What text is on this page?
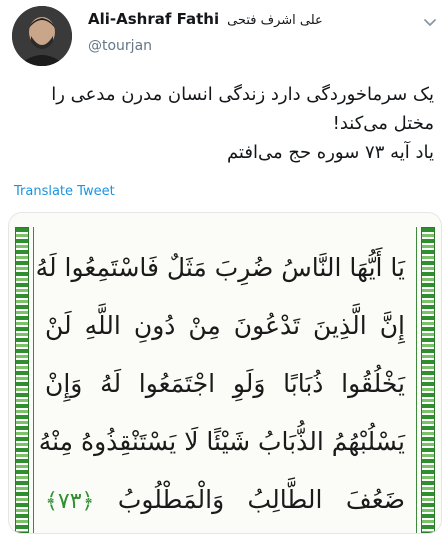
Ali-Ashraf Fathi علی اشرف فتحی
@tourjan
یک سرماخوردگی دارد زندگی انسان مدرن مدعی را
مختل می‌کند!
یاد آیه ۷۳ سوره حج می‌افتم
Translate Tweet
يَا أَيُّهَا النَّاسُ ضُرِبَ مَثَلٌ فَاسْتَمِعُوا لَهُ
إِنَّ الَّذِينَ تَدْعُونَ مِنْ دُونِ اللَّهِ لَنْ
يَخْلُقُوا ذُبَابًا وَلَوِ اجْتَمَعُوا لَهُ وَإِنْ
يَسْلُبْهُمُ الذُّبَابُ شَيْئًا لَا يَسْتَنْقِذُوهُ مِنْهُ
ضَعُفَ الطَّالِبُ وَالْمَطْلُوبُ ﴿٧٣﴾
